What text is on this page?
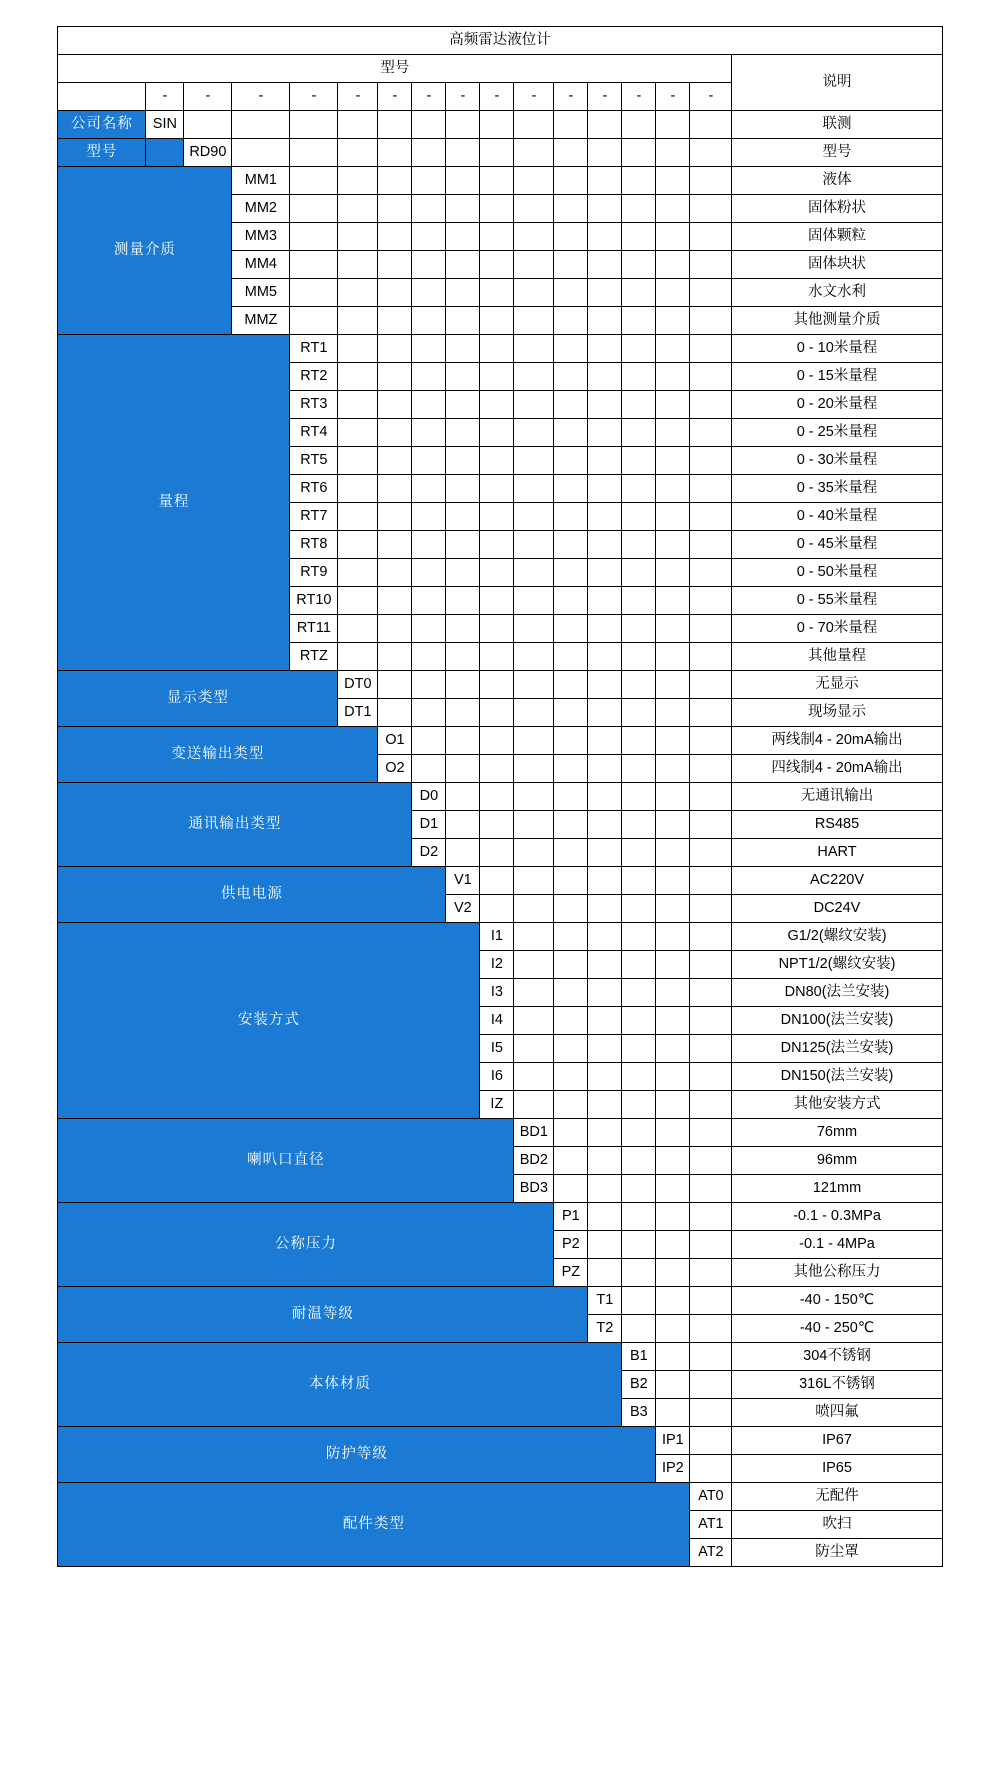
高频雷达液位计																
型号																说明
	-	-	-	-	-	-	-	-	-	-	-	-	-	-	-	
公司名称	SIN															联测
型号		RD90														型号
测量介质			MM1													液体
			MM2													固体粉状
			MM3													固体颗粒
			MM4													固体块状
			MM5													水文水利
			MMZ													其他测量介质
量程				RT1												0 - 10米量程
				RT2												0 - 15米量程
				RT3												0 - 20米量程
				RT4												0 - 25米量程
				RT5												0 - 30米量程
				RT6												0 - 35米量程
				RT7												0 - 40米量程
				RT8												0 - 45米量程
				RT9												0 - 50米量程
				RT10												0 - 55米量程
				RT11												0 - 70米量程
				RTZ												其他量程
显示类型					DT0											无显示
					DT1											现场显示
变送输出类型						O1										两线制4 - 20mA输出
						O2										四线制4 - 20mA输出
通讯输出类型							D0									无通讯输出
							D1									RS485
							D2									HART
供电电源								V1								AC220V
								V2								DC24V
安装方式									I1							G1/2(螺纹安装)
									I2							NPT1/2(螺纹安装)
									I3							DN80(法兰安装)
									I4							DN100(法兰安装)
									I5							DN125(法兰安装)
									I6							DN150(法兰安装)
									IZ							其他安装方式
喇叭口直径										BD1						76mm
										BD2						96mm
										BD3						121mm
公称压力											P1					-0.1 - 0.3MPa
											P2					-0.1 - 4MPa
											PZ					其他公称压力
耐温等级												T1				-40 - 150℃
												T2				-40 - 250℃
本体材质													B1			304不锈钢
													B2			316L不锈钢
													B3			喷四氟
防护等级														IP1		IP67
														IP2		IP65
配件类型															AT0	无配件
															AT1	吹扫
															AT2	防尘罩
